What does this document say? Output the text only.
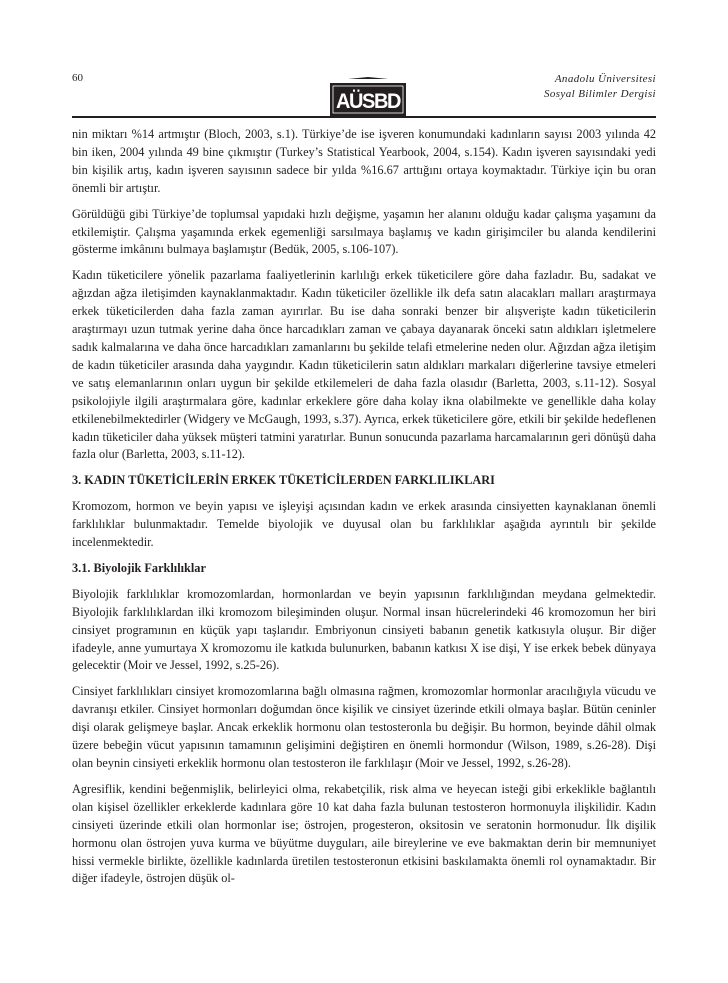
60
AÜSBD
Anadolu Üniversitesi
Sosyal Bilimler Dergisi

nin miktarı %14 artmıştır (Bloch, 2003, s.1). Türkiye’de ise işveren konumundaki kadınların sayısı 2003 yılında 42 bin iken, 2004 yılında 49 bine çıkmıştır (Turkey’s Statistical Yearbook, 2004, s.154). Kadın işveren sayısındaki yedi bin kişilik artış, kadın işveren sayısının sadece bir yılda %16.67 arttığını ortaya koymaktadır. Türkiye için bu oran önemli bir artıştır.

Görüldüğü gibi Türkiye’de toplumsal yapıdaki hızlı değişme, yaşamın her alanını olduğu kadar çalışma yaşamını da etkilemiştir. Çalışma yaşamında erkek egemenliği sarsılmaya başlamış ve kadın girişimciler bu alanda kendilerini gösterme imkânını bulmaya başlamıştır (Bedük, 2005, s.106-107).

Kadın tüketicilere yönelik pazarlama faaliyetlerinin karlılığı erkek tüketicilere göre daha fazladır. Bu, sadakat ve ağızdan ağza iletişimden kaynaklanmaktadır. Kadın tüketiciler özellikle ilk defa satın alacakları malları araştırmaya erkek tüketicilerden daha fazla zaman ayırırlar. Bu ise daha sonraki benzer bir alışverişte kadın tüketicilerin araştırmayı uzun tutmak yerine daha önce harcadıkları zaman ve çabaya dayanarak önceki satın aldıkları işletmelere sadık kalmalarına ve daha önce harcadıkları zamanlarını bu şekilde telafi etmelerine neden olur. Ağızdan ağza iletişim de kadın tüketiciler arasında daha yaygındır. Kadın tüketicilerin satın aldıkları markaları diğerlerine tavsiye etmeleri ve satış elemanlarının onları uygun bir şekilde etkilemeleri de daha fazla olasıdır (Barletta, 2003, s.11-12). Sosyal psikolojiyle ilgili araştırmalara göre, kadınlar erkeklere göre daha kolay ikna olabilmekte ve genellikle daha kolay etkilenebilmektedirler (Widgery ve McGaugh, 1993, s.37). Ayrıca, erkek tüketicilere göre, etkili bir şekilde hedeflenen kadın tüketiciler daha yüksek müşteri tatmini yaratırlar. Bunun sonucunda pazarlama harcamalarının geri dönüşü daha fazla olur (Barletta, 2003, s.11-12).

3. KADIN TÜKETİCİLERİN ERKEK TÜKETİCİLERDEN FARKLILIKLARI

Kromozom, hormon ve beyin yapısı ve işleyişi açısından kadın ve erkek arasında cinsiyetten kaynaklanan önemli farklılıklar bulunmaktadır. Temelde biyolojik ve duyusal olan bu farklılıklar aşağıda ayrıntılı bir şekilde incelenmektedir.

3.1. Biyolojik Farklılıklar

Biyolojik farklılıklar kromozomlardan, hormonlardan ve beyin yapısının farklılığından meydana gelmektedir. Biyolojik farklılıklardan ilki kromozom bileşiminden oluşur. Normal insan hücrelerindeki 46 kromozomun her biri cinsiyet programının en küçük yapı taşlarıdır. Embriyonun cinsiyeti babanın genetik katkısıyla oluşur. Bir diğer ifadeyle, anne yumurtaya X kromozomu ile katkıda bulunurken, babanın katkısı X ise dişi, Y ise erkek bebek dünyaya gelecektir (Moir ve Jessel, 1992, s.25-26).

Cinsiyet farklılıkları cinsiyet kromozomlarına bağlı olmasına rağmen, kromozomlar hormonlar aracılığıyla vücudu ve davranışı etkiler. Cinsiyet hormonları doğumdan önce kişilik ve cinsiyet üzerinde etkili olmaya başlar. Bütün ceninler dişi olarak gelişmeye başlar. Ancak erkeklik hormonu olan testosteronla bu değişir. Bu hormon, beyinde dâhil olmak üzere bebeğin vücut yapısının tamamının gelişimini değiştiren en önemli hormondur (Wilson, 1989, s.26-28). Dişi olan beynin cinsiyeti erkeklik hormonu olan testosteron ile farklılaşır (Moir ve Jessel, 1992, s.26-28).

Agresiflik, kendini beğenmişlik, belirleyici olma, rekabetçilik, risk alma ve heyecan isteği gibi erkeklikle bağlantılı olan kişisel özellikler erkeklerde kadınlara göre 10 kat daha fazla bulunan testosteron hormonuyla ilişkilidir. Kadın cinsiyeti üzerinde etkili olan hormonlar ise; östrojen, progesteron, oksitosin ve seratonin hormonudur. İlk dişilik hormonu olan östrojen yuva kurma ve büyütme duyguları, aile bireylerine ve eve bakmaktan derin bir memnuniyet hissi vermekle birlikte, özellikle kadınlarda üretilen testosteronun etkisini baskılamakta önemli rol oynamaktadır. Bir diğer ifadeyle, östrojen düşük ol-
